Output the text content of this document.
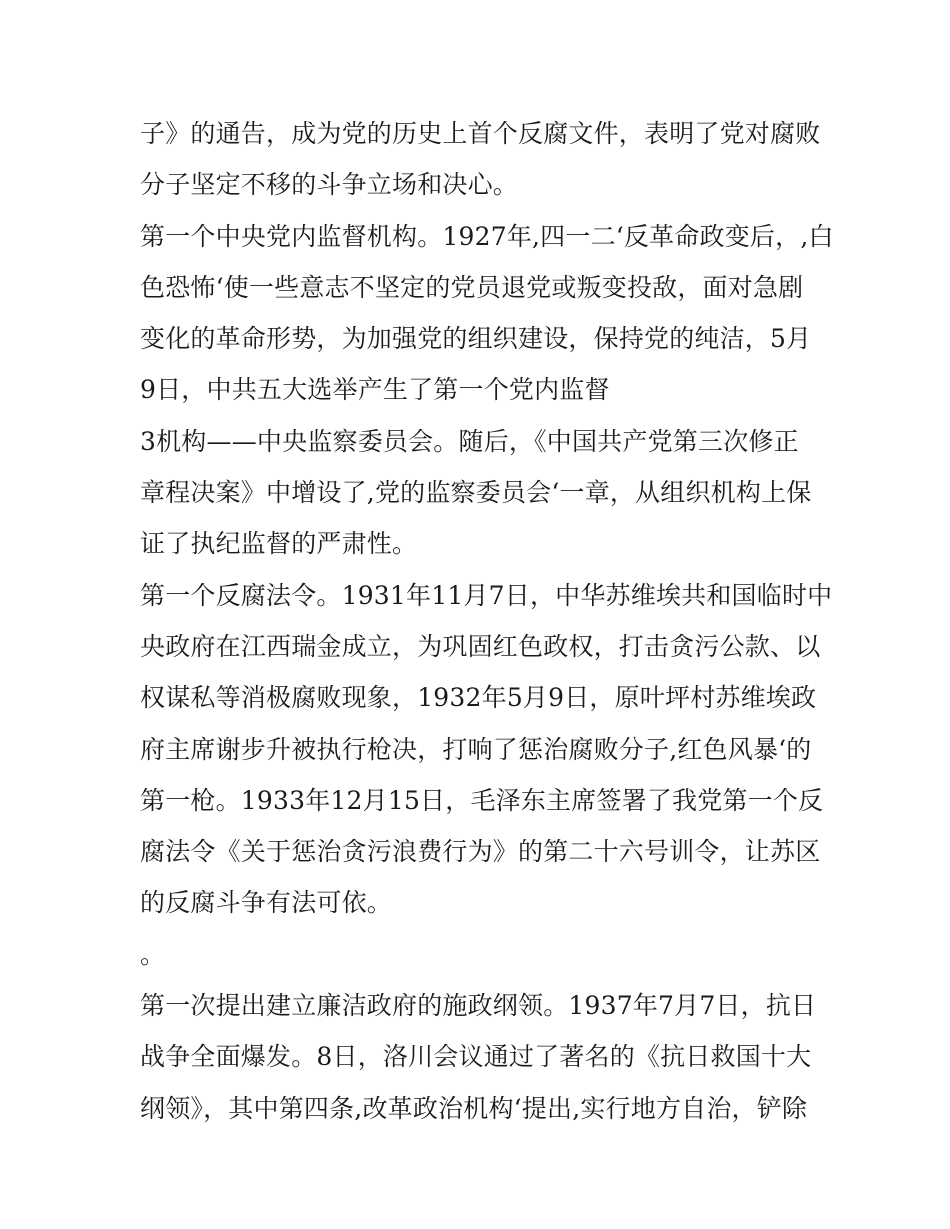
子》的通告，成为党的历史上首个反腐文件，表明了党对腐败
分子坚定不移的斗争立场和决心。
第一个中央党内监督机构。1927年,四一二‘反革命政变后，,白
色恐怖‘使一些意志不坚定的党员退党或叛变投敌，面对急剧
变化的革命形势，为加强党的组织建设，保持党的纯洁，5月
9日，中共五大选举产生了第一个党内监督
3机构——中央监察委员会。随后，《中国共产党第三次修正
章程决案》中增设了,党的监察委员会‘一章，从组织机构上保
证了执纪监督的严肃性。
第一个反腐法令。1931年11月7日，中华苏维埃共和国临时中
央政府在江西瑞金成立，为巩固红色政权，打击贪污公款、以
权谋私等消极腐败现象，1932年5月9日，原叶坪村苏维埃政
府主席谢步升被执行枪决，打响了惩治腐败分子,红色风暴‘的
第一枪。1933年12月15日，毛泽东主席签署了我党第一个反
腐法令《关于惩治贪污浪费行为》的第二十六号训令，让苏区
的反腐斗争有法可依。
。
第一次提出建立廉洁政府的施政纲领。1937年7月7日，抗日
战争全面爆发。8日，洛川会议通过了著名的《抗日救国十大
纲领》，其中第四条,改革政治机构‘提出,实行地方自治，铲除
